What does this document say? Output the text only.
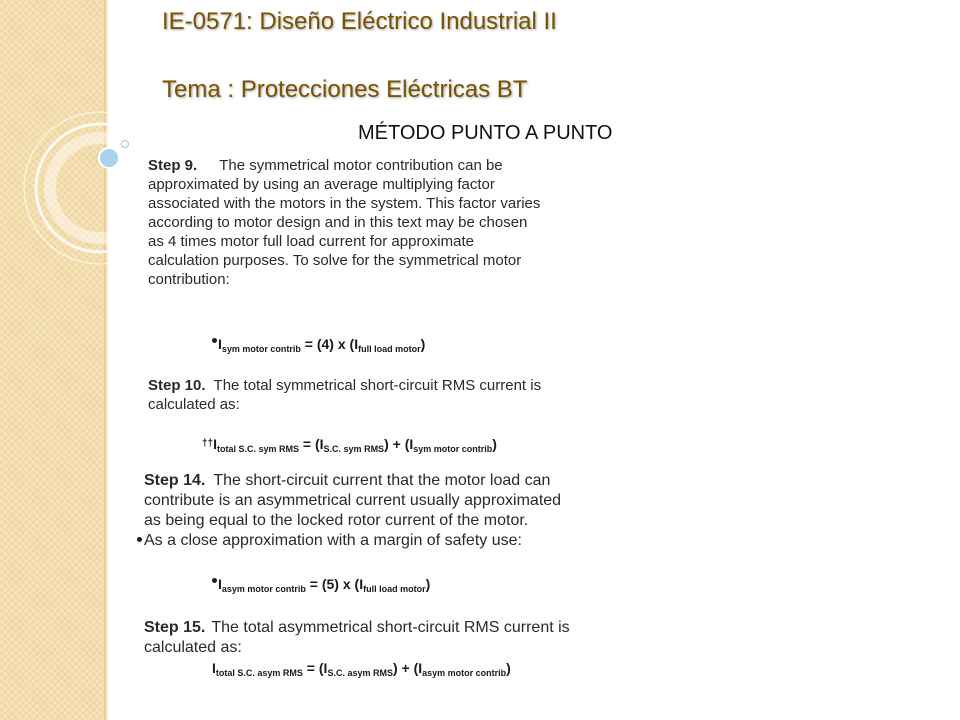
IE-0571: Diseño Eléctrico Industrial II
Tema : Protecciones Eléctricas BT
MÉTODO PUNTO A PUNTO
Step 9. The symmetrical motor contribution can be
approximated by using an average multiplying factor
associated with the motors in the system. This factor varies
according to motor design and in this text may be chosen
as 4 times motor full load current for approximate
calculation purposes. To solve for the symmetrical motor
contribution:
$I_{sym motor contrib} = (4)$ x $(I_{full load motor})$
Step 10. The total symmetrical short-circuit RMS current is
calculated as:
$^{\dagger\dagger}I_{total S.C. sym RMS} = (I_{S.C. sym RMS}) + (I_{sym motor contrib})$
Step 14. The short-circuit current that the motor load can
contribute is an asymmetrical current usually approximated
as being equal to the locked rotor current of the motor.
As a close approximation with a margin of safety use:
$I_{asym motor contrib} = (5)$ x $(I_{full load motor})$
Step 15. The total asymmetrical short-circuit RMS current is
calculated as:
$I_{total S.C. asym RMS} = (I_{S.C. asym RMS}) + (I_{asym motor contrib})$
